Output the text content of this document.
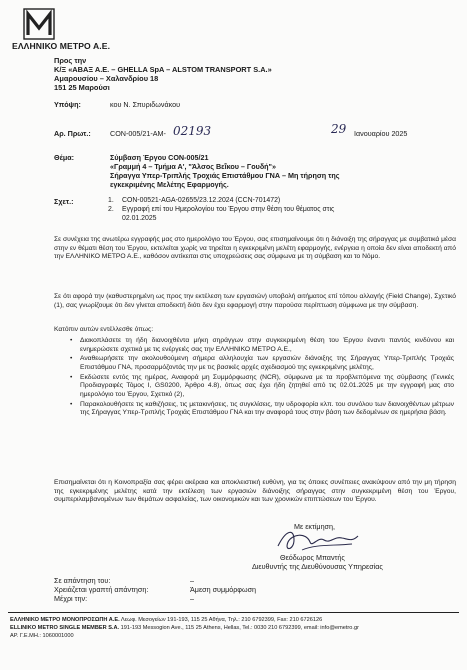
ΕΛΛΗΝΙΚΟ ΜΕΤΡΟ Α.Ε.
Προς την
Κ/Ξ «ΑΒΑΞ Α.Ε. – GHELLA SpA – ALSTOM TRANSPORT S.A.»
Αμαρουσίου – Χαλανδρίου 18
151 25 Μαρούσι
Υπόψη:	κου Ν. Σπυριδωνάκου
Αρ. Πρωτ.:	CON-005/21-AM- 02193	29 Ιανουαρίου 2025
Θέμα:	Σύμβαση Έργου CON-005/21
«Γραμμή 4 – Τμήμα Α', "Άλσος Βεΐκου – Γουδή"»
Σήραγγα Υπερ-Τριπλής Τροχιάς Επιστάθμου ΓΝΑ – Μη τήρηση της
εγκεκριμένης Μελέτης Εφαρμογής.
Σχετ.:	1.	CON-00521-AGA-02655/23.12.2024 (CCN-701472)
2.	Εγγραφή επί του Ημερολογίου του Έργου στην θέση του θέματος στις
02.01.2025
Σε συνέχεια της ανωτέρω εγγραφής μας στο ημερολόγιο του Έργου, σας επισημαίνουμε ότι η διάνοιξη της σήραγγας με συμβατικά μέσα στην εν θέματι θέση του Έργου, εκτελείται χωρίς να τηρείται η εγκεκριμένη μελέτη εφαρμογής, ενέργεια η οποία δεν είναι αποδεκτή από την ΕΛΛΗΝΙΚΟ ΜΕΤΡΟ Α.Ε., καθόσον αντίκειται στις υποχρεώσεις σας σύμφωνα με τη σύμβαση και το Νόμο.
Σε ότι αφορά την (καθυστερημένη ως προς την εκτέλεση των εργασιών) υποβολή αιτήματος επί τόπου αλλαγής (Field Change), Σχετικό (1), σας γνωρίζουμε ότι δεν γίνεται αποδεκτή διότι δεν έχει εφαρμογή στην παρούσα περίπτωση σύμφωνα με την σύμβαση.
Κατόπιν αυτών εντέλλεσθε όπως:
• Διακοπλάσετε τη ήδη διανοιχθέντα μήκη σηράγγων στην συγκεκριμένη θέση του Έργου έναντι παντός κινδύνου και ενημερώσετε σχετικά με τις ενέργειές σας την ΕΛΛΗΝΙΚΟ ΜΕΤΡΟ Α.Ε.,
• Αναθεωρήσετε την ακολουθούμενη σήμερα αλληλουχία των εργασιών διάνοιξης της Σήραγγας Υπερ-Τριπλής Τροχιάς Επιστάθμου ΓΝΑ, προσαρμόζοντάς την με τις βασικές αρχές σχεδιασμού της εγκεκριμένης μελέτης,
• Εκδώσετε εντός της ημέρας, Αναφορά μη Συμμόρφωσης (NCR), σύμφωνα με τα προβλεπόμενα της σύμβασης (Γενικές Προδιαγραφές Τόμος Ι, GS0200, Άρθρο 4.8), όπως σας έχει ήδη ζητηθεί από τις 02.01.2025 με την εγγραφή μας στο ημερολόγιο του Έργου, Σχετικό (2),
• Παρακολουθήσετε τις καθιζήσεις, τις μετακινήσεις, τις συγκλίσεις, την υδροφορία κλπ. του συνόλου των διανοιχθέντων μέτρων της Σήραγγας Υπερ-Τριπλής Τροχιάς Επιστάθμου ΓΝΑ και την αναφορά τους στην βάση των δεδομένων σε ημερήσια βάση.
Επισημαίνεται ότι η Κοινοπραξία σας φέρει ακέραια και αποκλειστική ευθύνη, για τις όποιες συνέπειες ανακύψουν από την μη τήρηση της εγκεκριμένης μελέτης κατά την εκτέλεση των εργασιών διάνοιξης σήραγγας στην συγκεκριμένη θέση του Έργου, συμπεριλαμβανομένων των θεμάτων ασφαλείας, των οικονομικών και των χρονικών επιπτώσεων του Έργου.
Με εκτίμηση,
Θεόδωρος Μπαντής
Διευθυντής της Διευθύνουσας Υπηρεσίας
Σε απάντηση του:	–
Χρειάζεται γραπτή απάντηση:	Άμεση συμμόρφωση
Μέχρι την:	–
ΕΛΛΗΝΙΚΟ ΜΕΤΡΟ ΜΟΝΟΠΡΟΣΩΠΗ Α.Ε. Λεωφ. Μεσογείων 191-193, 115 25 Αθήνα, Τηλ.: 210 6792399, Fax: 210 6726126
ELLINIKO METRO SINGLE MEMBER S.A. 191-193 Messogion Ave., 115 25 Athens, Hellas, Tel.: 0030 210 6792399, email: info@emetro.gr
ΑΡ. Γ.Ε.ΜΗ.: 1060001000
